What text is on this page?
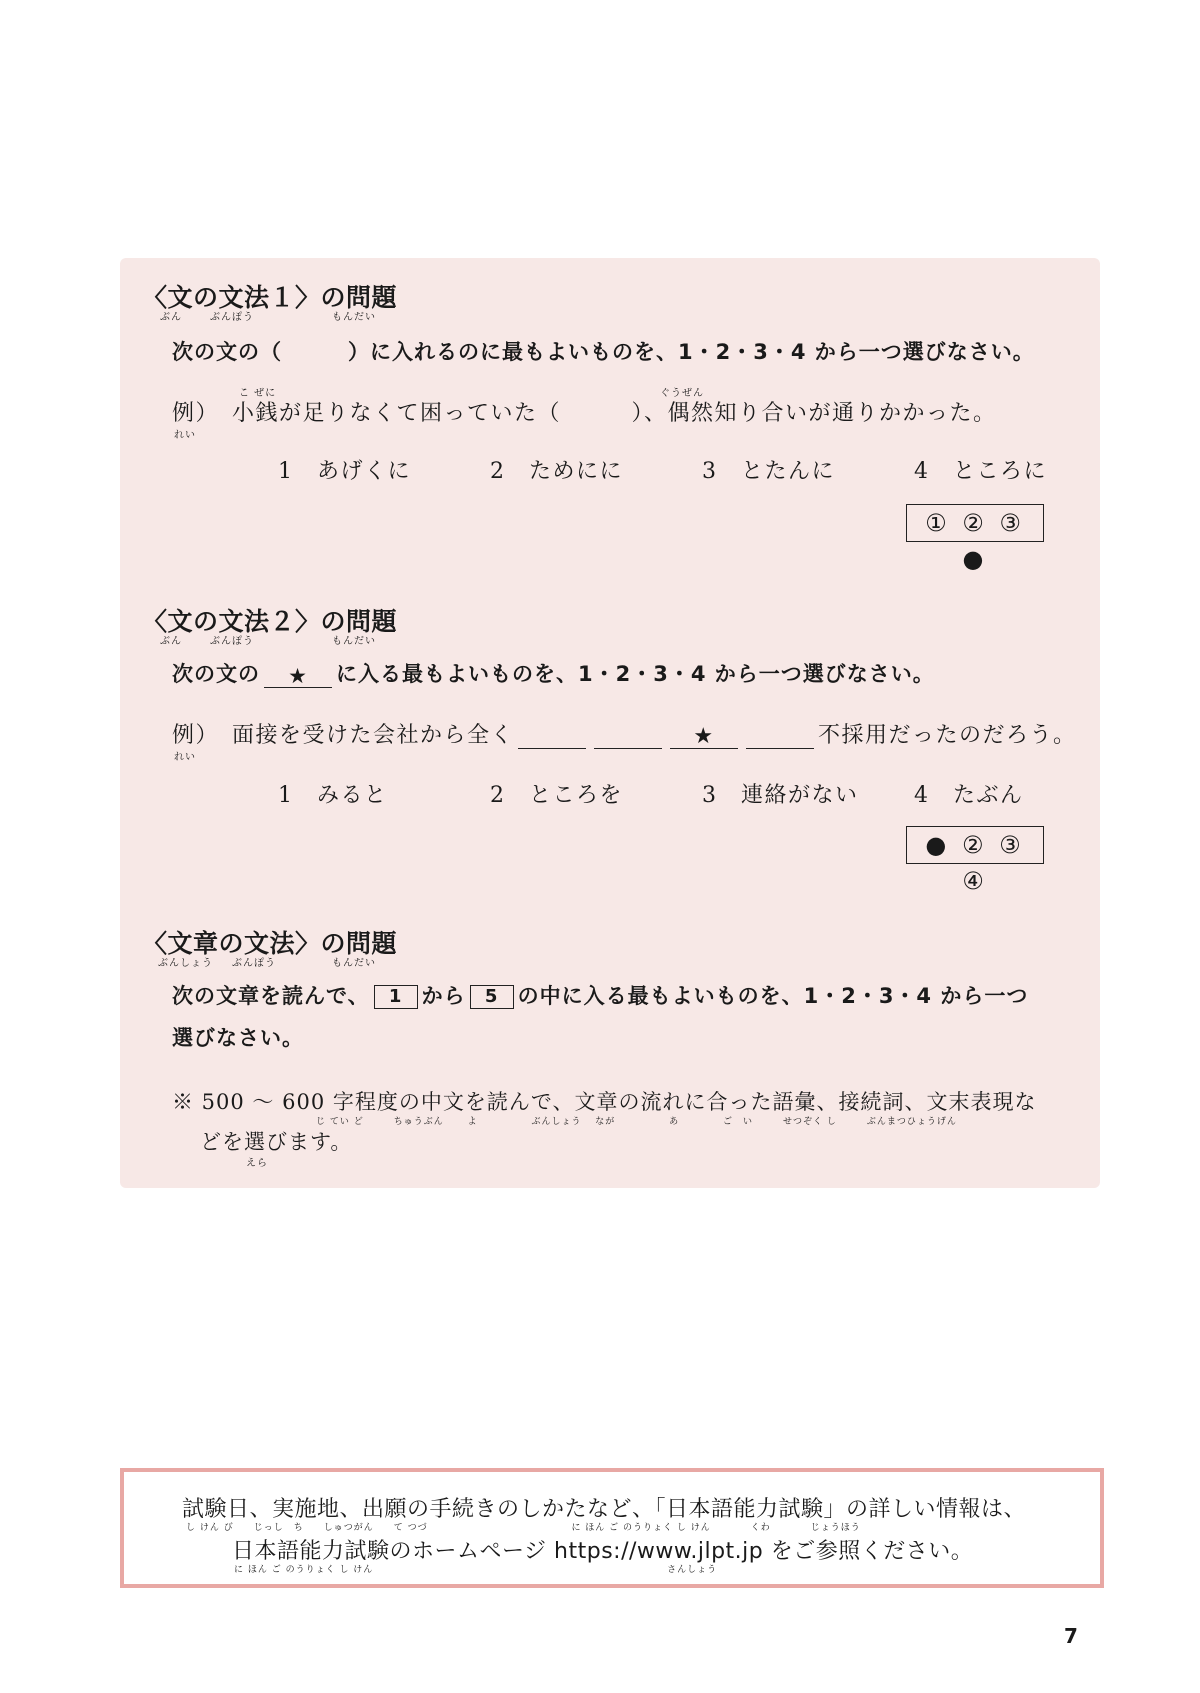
〈文の文法１〉の問題
ぶん	ぶんぽう	もんだい
次の文の（　　　）に入れるのに最もよいものを、1・2・3・4 から一つ選びなさい。
こ ぜに	ぐうぜん
例）
れい
小銭が足りなくて困っていた（　　　）、偶然知り合いが通りかかった。
1　あげくに	2　ためにに	3　とたんに	4　ところに
① ② ③ ●
〈文の文法２〉の問題
ぶん	ぶんぽう	もんだい
次の文の ★ に入る最もよいものを、1・2・3・4 から一つ選びなさい。
例）
れい
面接を受けた会社から全く	★	不採用だったのだろう。
1　みると	2　ところを	3　連絡がない	4　たぶん
● ② ③ ④
〈文章の文法〉の問題
ぶんしょう ぶんぽう	もんだい
次の文章を読んで、 1 から 5 の中に入る最もよいものを、1・2・3・4 から一つ
選びなさい。
※ 500 ～ 600 字程度の中文を読んで、文章の流れに合った語彙、接続詞、文末表現な
じ てい ど　　　ちゅうぶん　　 よ　　　　　 ぶんしょう　 なが　　　　　 あ　　　　 ご　い　　　せつぞく し　　　ぶんまつひょうげん
どを選びます。
えら
試験日、実施地、出願の手続きのしかたなど、「日本語能力試験」の詳しい情報は、
し けん び　　じっし　ち　　しゅつがん　　て つづ　　　　　　　　　　　　　　 に ほん ご のうりょく し けん　　　　くわ　　　　じょうほう
日本語能力試験のホームページ https://www.jlpt.jp をご参照ください。
に ほん ご のうりょく し けん　　　　　　　　　　　　　　　　　　　　　　　　　　　　　 さんしょう
7
